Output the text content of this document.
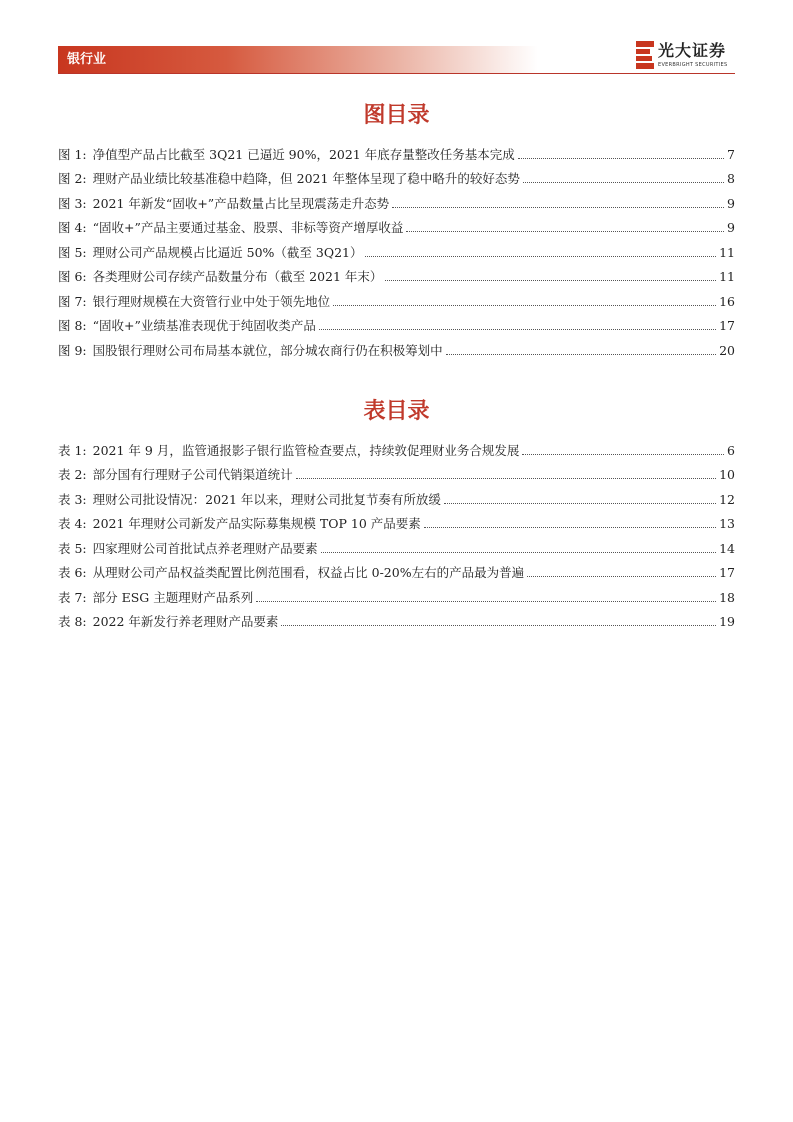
银行业	光大证券
EVERBRIGHT SECURITIES
图目录
图 1: 净值型产品占比截至 3Q21 已逼近 90%，2021 年底存量整改任务基本完成	7
图 2: 理财产品业绩比较基准稳中趋降，但 2021 年整体呈现了稳中略升的较好态势	8
图 3: 2021 年新发“固收+”产品数量占比呈现震荡走升态势	9
图 4: “固收+”产品主要通过基金、股票、非标等资产增厚收益	9
图 5: 理财公司产品规模占比逼近 50%（截至 3Q21）	11
图 6: 各类理财公司存续产品数量分布（截至 2021 年末）	11
图 7: 银行理财规模在大资管行业中处于领先地位	16
图 8: “固收+”业绩基准表现优于纯固收类产品	17
图 9: 国股银行理财公司布局基本就位，部分城农商行仍在积极筹划中	20
表目录
表 1: 2021 年 9 月，监管通报影子银行监管检查要点，持续敦促理财业务合规发展	6
表 2: 部分国有行理财子公司代销渠道统计	10
表 3: 理财公司批设情况：2021 年以来，理财公司批复节奏有所放缓	12
表 4: 2021 年理财公司新发产品实际募集规模 TOP 10 产品要素	13
表 5: 四家理财公司首批试点养老理财产品要素	14
表 6: 从理财公司产品权益类配置比例范围看，权益占比 0-20%左右的产品最为普遍	17
表 7: 部分 ESG 主题理财产品系列	18
表 8: 2022 年新发行养老理财产品要素	19
